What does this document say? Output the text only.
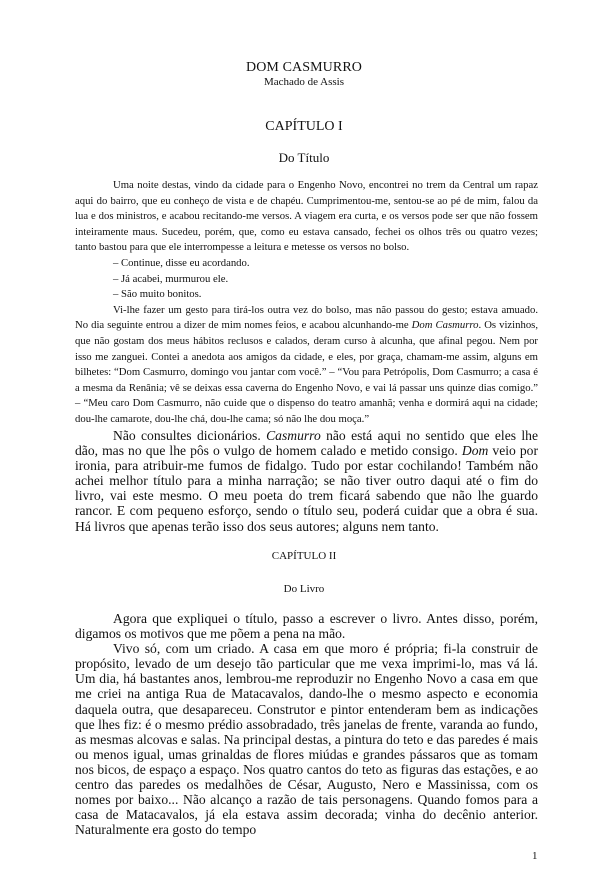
DOM CASMURRO
Machado de Assis
CAPÍTULO I
Do Título

Uma noite destas, vindo da cidade para o Engenho Novo, encontrei no trem da Central um rapaz aqui do bairro, que eu conheço de vista e de chapéu. Cumprimentou-me, sentou-se ao pé de mim, falou da lua e dos ministros, e acabou recitando-me versos. A viagem era curta, e os versos pode ser que não fossem inteiramente maus. Sucedeu, porém, que, como eu estava cansado, fechei os olhos três ou quatro vezes; tanto bastou para que ele interrompesse a leitura e metesse os versos no bolso.

– Continue, disse eu acordando.

– Já acabei, murmurou ele.

– São muito bonitos.

Vi-lhe fazer um gesto para tirá-los outra vez do bolso, mas não passou do gesto; estava amuado. No dia seguinte entrou a dizer de mim nomes feios, e acabou alcunhando-me Dom Casmurro. Os vizinhos, que não gostam dos meus hábitos reclusos e calados, deram curso à alcunha, que afinal pegou. Nem por isso me zanguei. Contei a anedota aos amigos da cidade, e eles, por graça, chamam-me assim, alguns em bilhetes: “Dom Casmurro, domingo vou jantar com você.” – “Vou para Petrópolis, Dom Casmurro; a casa é a mesma da Renânia; vê se deixas essa caverna do Engenho Novo, e vai lá passar uns quinze dias comigo.” – “Meu caro Dom Casmurro, não cuide que o dispenso do teatro amanhã; venha e dormirá aqui na cidade; dou-lhe camarote, dou-lhe chá, dou-lhe cama; só não lhe dou moça.”

Não consultes dicionários. Casmurro não está aqui no sentido que eles lhe dão, mas no que lhe pôs o vulgo de homem calado e metido consigo. Dom veio por ironia, para atribuir-me fumos de fidalgo. Tudo por estar cochilando! Também não achei melhor título para a minha narração; se não tiver outro daqui até o fim do livro, vai este mesmo. O meu poeta do trem ficará sabendo que não lhe guardo rancor. E com pequeno esforço, sendo o título seu, poderá cuidar que a obra é sua. Há livros que apenas terão isso dos seus autores; alguns nem tanto.

CAPÍTULO II
Do Livro

Agora que expliquei o título, passo a escrever o livro. Antes disso, porém, digamos os motivos que me põem a pena na mão.

Vivo só, com um criado. A casa em que moro é própria; fi-la construir de propósito, levado de um desejo tão particular que me vexa imprimi-lo, mas vá lá. Um dia, há bastantes anos, lembrou-me reproduzir no Engenho Novo a casa em que me criei na antiga Rua de Matacavalos, dando-lhe o mesmo aspecto e economia daquela outra, que desapareceu. Construtor e pintor entenderam bem as indicações que lhes fiz: é o mesmo prédio assobradado, três janelas de frente, varanda ao fundo, as mesmas alcovas e salas. Na principal destas, a pintura do teto e das paredes é mais ou menos igual, umas grinaldas de flores miúdas e grandes pássaros que as tomam nos bicos, de espaço a espaço. Nos quatro cantos do teto as figuras das estações, e ao centro das paredes os medalhões de César, Augusto, Nero e Massinissa, com os nomes por baixo... Não alcanço a razão de tais personagens. Quando fomos para a casa de Matacavalos, já ela estava assim decorada; vinha do decênio anterior. Naturalmente era gosto do tempo

1
